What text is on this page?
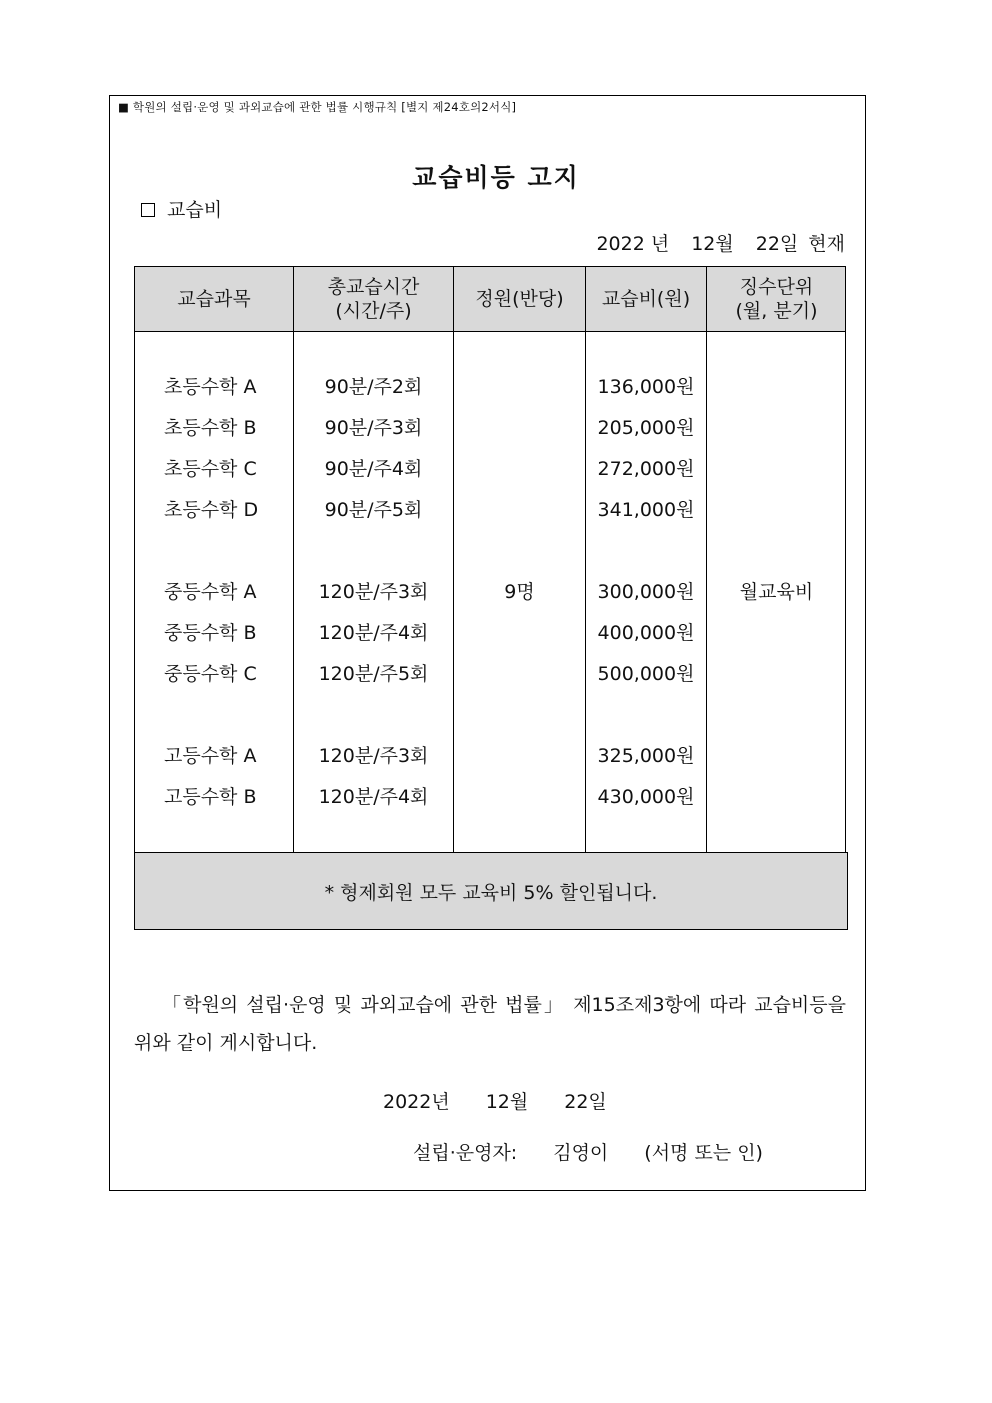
■ 학원의 설립·운영 및 과외교습에 관한 법률 시행규칙 [별지 제24호의2서식]
교습비등 고지
교습비
2022 년 12월 22일 현재
교습과목
총교습시간
(시간/주)
정원(반당)	교습비(원)
징수단위
(월, 분기)
초등수학 A
초등수학 B
초등수학 C
초등수학 D
중등수학 A
중등수학 B
중등수학 C
고등수학 A
고등수학 B
90분/주2회
90분/주3회
90분/주4회
90분/주5회
120분/주3회
120분/주4회
120분/주5회
120분/주3회
120분/주4회
9명
136,000원
205,000원
272,000원
341,000원
300,000원
400,000원
500,000원
325,000원
430,000원
월교육비
* 형제회원 모두 교육비 5% 할인됩니다.
「학원의 설립·운영 및 과외교습에 관한 법률」 제15조제3항에 따라 교습비등을
위와 같이 게시합니다.
2022년 12월 22일
설립·운영자: 김영이 (서명 또는 인)
